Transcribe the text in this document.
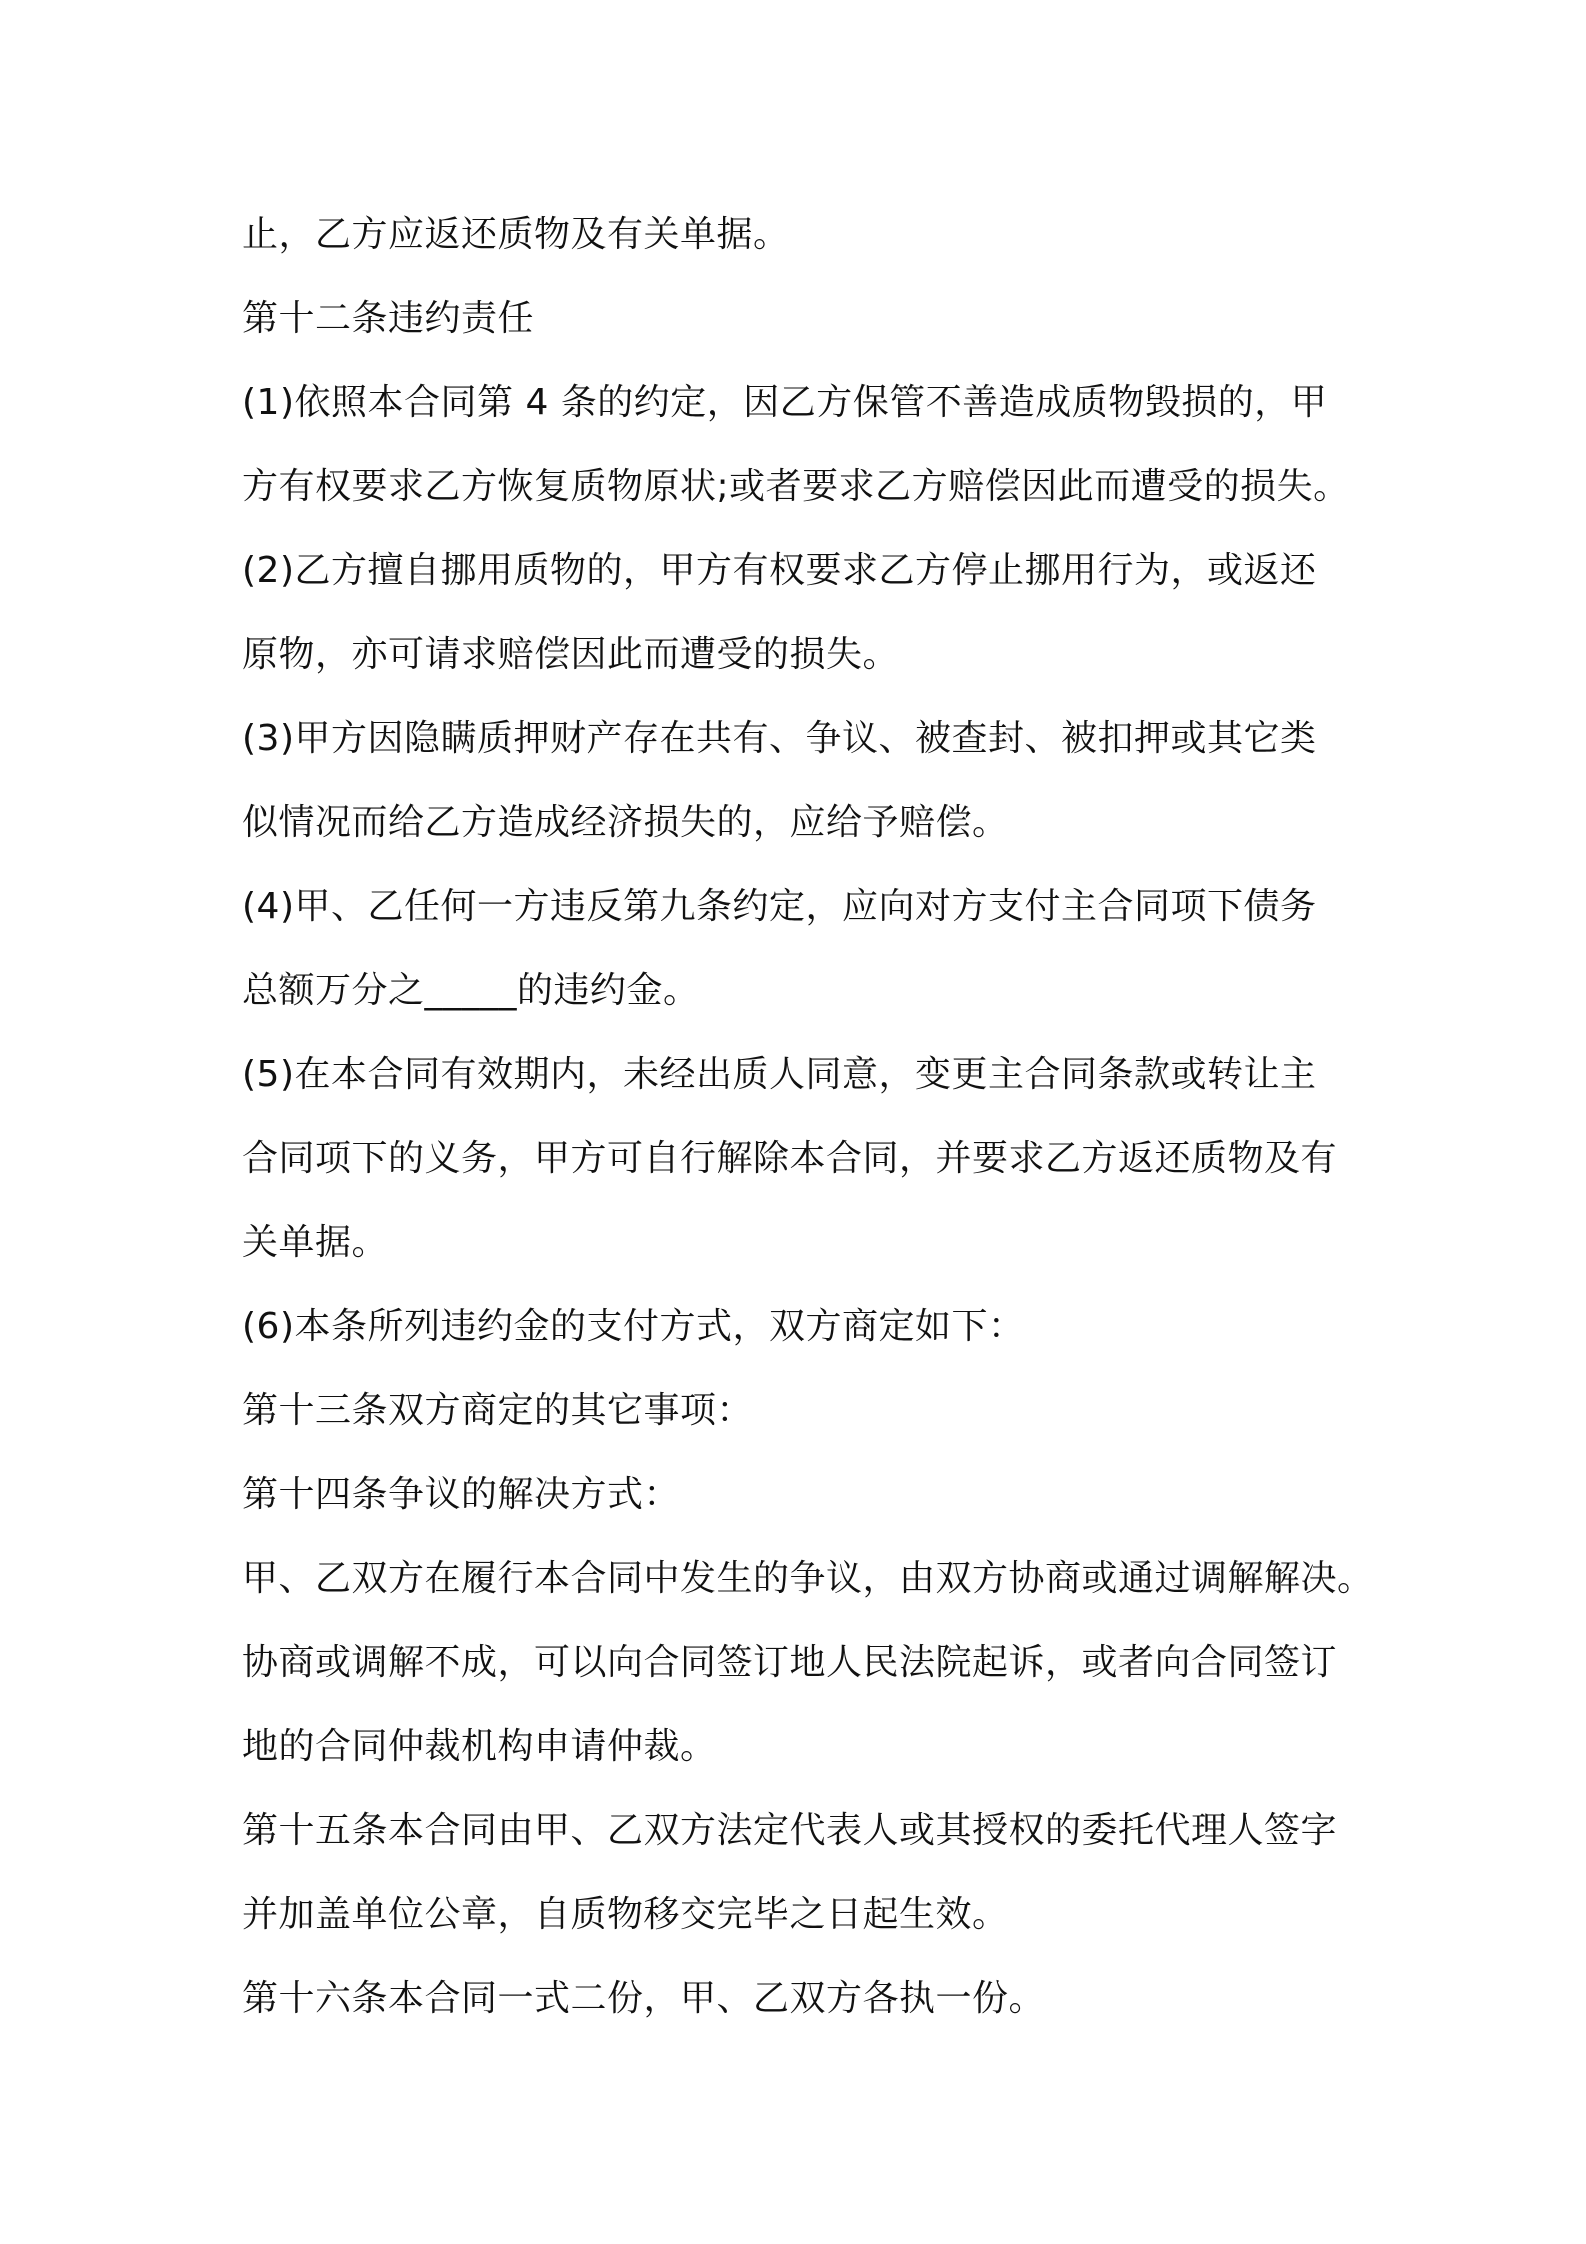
止，乙方应返还质物及有关单据。
第十二条违约责任
(1)依照本合同第 4 条的约定，因乙方保管不善造成质物毁损的，甲
方有权要求乙方恢复质物原状;或者要求乙方赔偿因此而遭受的损失。
(2)乙方擅自挪用质物的，甲方有权要求乙方停止挪用行为，或返还
原物，亦可请求赔偿因此而遭受的损失。
(3)甲方因隐瞒质押财产存在共有、争议、被查封、被扣押或其它类
似情况而给乙方造成经济损失的，应给予赔偿。
(4)甲、乙任何一方违反第九条约定，应向对方支付主合同项下债务
总额万分之_____的违约金。
(5)在本合同有效期内，未经出质人同意，变更主合同条款或转让主
合同项下的义务，甲方可自行解除本合同，并要求乙方返还质物及有
关单据。
(6)本条所列违约金的支付方式，双方商定如下：
第十三条双方商定的其它事项：
第十四条争议的解决方式：
甲、乙双方在履行本合同中发生的争议，由双方协商或通过调解解决。
协商或调解不成，可以向合同签订地人民法院起诉，或者向合同签订
地的合同仲裁机构申请仲裁。
第十五条本合同由甲、乙双方法定代表人或其授权的委托代理人签字
并加盖单位公章，自质物移交完毕之日起生效。
第十六条本合同一式二份，甲、乙双方各执一份。
